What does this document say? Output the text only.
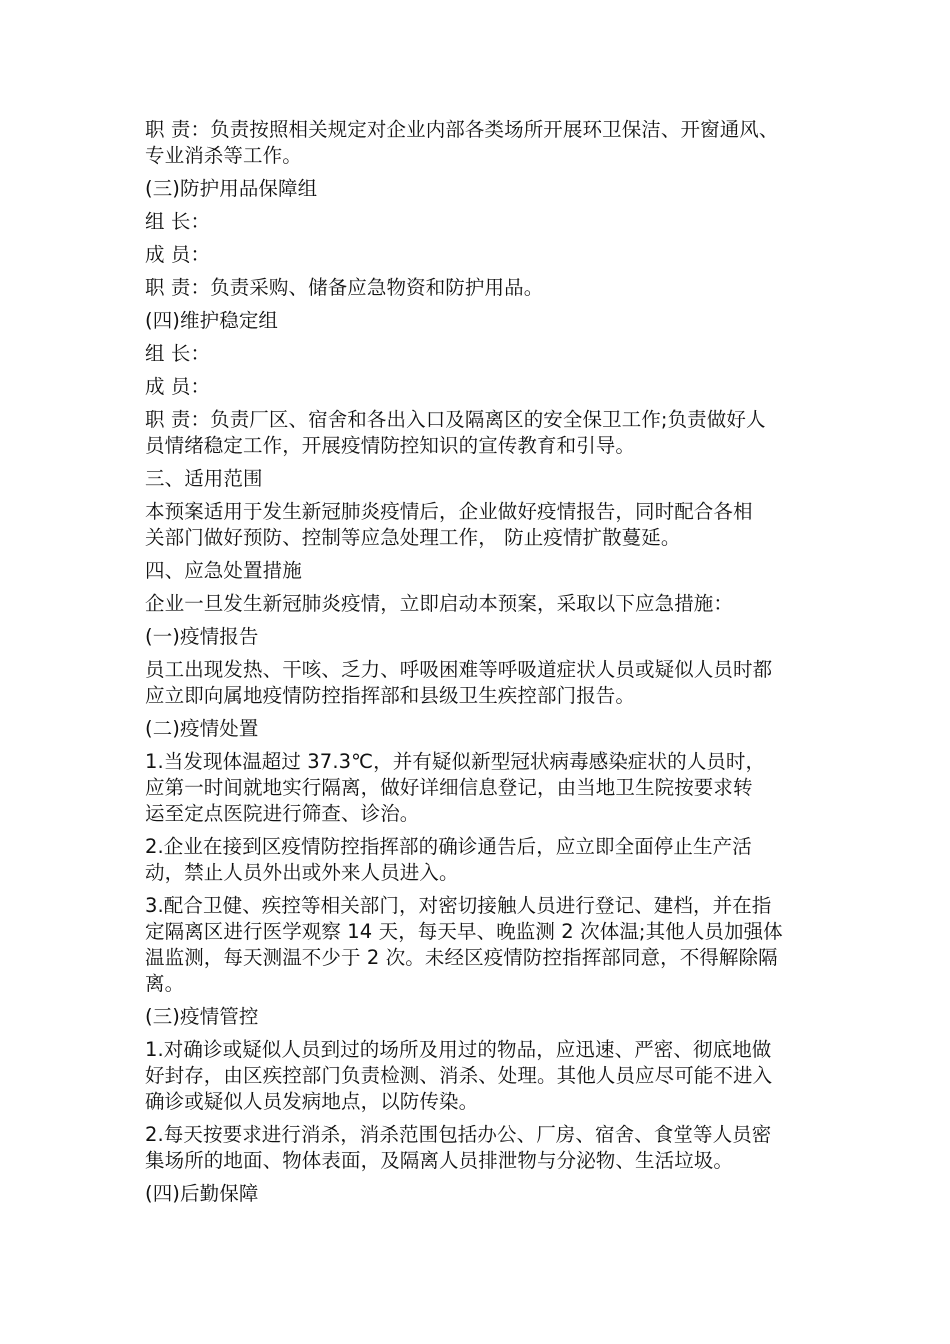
职 责：负责按照相关规定对企业内部各类场所开展环卫保洁、开窗通风、
专业消杀等工作。

(三)防护用品保障组

组 长：

成 员：

职 责：负责采购、储备应急物资和防护用品。

(四)维护稳定组

组 长：

成 员：

职 责：负责厂区、宿舍和各出入口及隔离区的安全保卫工作;负责做好人
员情绪稳定工作，开展疫情防控知识的宣传教育和引导。

三、适用范围

本预案适用于发生新冠肺炎疫情后，企业做好疫情报告，同时配合各相
关部门做好预防、控制等应急处理工作， 防止疫情扩散蔓延。

四、应急处置措施

企业一旦发生新冠肺炎疫情，立即启动本预案，采取以下应急措施：

(一)疫情报告

员工出现发热、干咳、乏力、呼吸困难等呼吸道症状人员或疑似人员时都
应立即向属地疫情防控指挥部和县级卫生疾控部门报告。

(二)疫情处置

1.当发现体温超过 37.3℃，并有疑似新型冠状病毒感染症状的人员时，
应第一时间就地实行隔离，做好详细信息登记，由当地卫生院按要求转
运至定点医院进行筛查、诊治。

2.企业在接到区疫情防控指挥部的确诊通告后，应立即全面停止生产活
动，禁止人员外出或外来人员进入。

3.配合卫健、疾控等相关部门，对密切接触人员进行登记、建档，并在指
定隔离区进行医学观察 14 天，每天早、晚监测 2 次体温;其他人员加强体
温监测，每天测温不少于 2 次。未经区疫情防控指挥部同意，不得解除隔
离。

(三)疫情管控

1.对确诊或疑似人员到过的场所及用过的物品，应迅速、严密、彻底地做
好封存，由区疾控部门负责检测、消杀、处理。其他人员应尽可能不进入
确诊或疑似人员发病地点，以防传染。

2.每天按要求进行消杀，消杀范围包括办公、厂房、宿舍、食堂等人员密
集场所的地面、物体表面，及隔离人员排泄物与分泌物、生活垃圾。

(四)后勤保障
